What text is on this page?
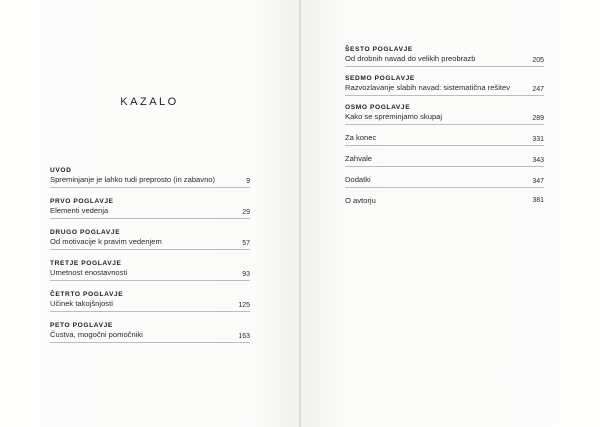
KAZALO
UVOD
Spreminjanje je lahko tudi preprosto (in zabavno)	9
PRVO POGLAVJE
Elementi vedenja	29
DRUGO POGLAVJE
Od motivacije k pravim vedenjem	57
TRETJE POGLAVJE
Umetnost enostavnosti	93
ČETRTO POGLAVJE
Učinek takojšnjosti	125
PETO POGLAVJE
Čustva, mogočni pomočniki	163
ŠESTO POGLAVJE
Od drobnih navad do velikih preobrazb	205
SEDMO POGLAVJE
Razvozlavanje slabih navad: sistematična rešitev	247
OSMO POGLAVJE
Kako se spreminjamo skupaj	289
Za konec	331
Zahvale	343
Dodatki	347
O avtorju	381
